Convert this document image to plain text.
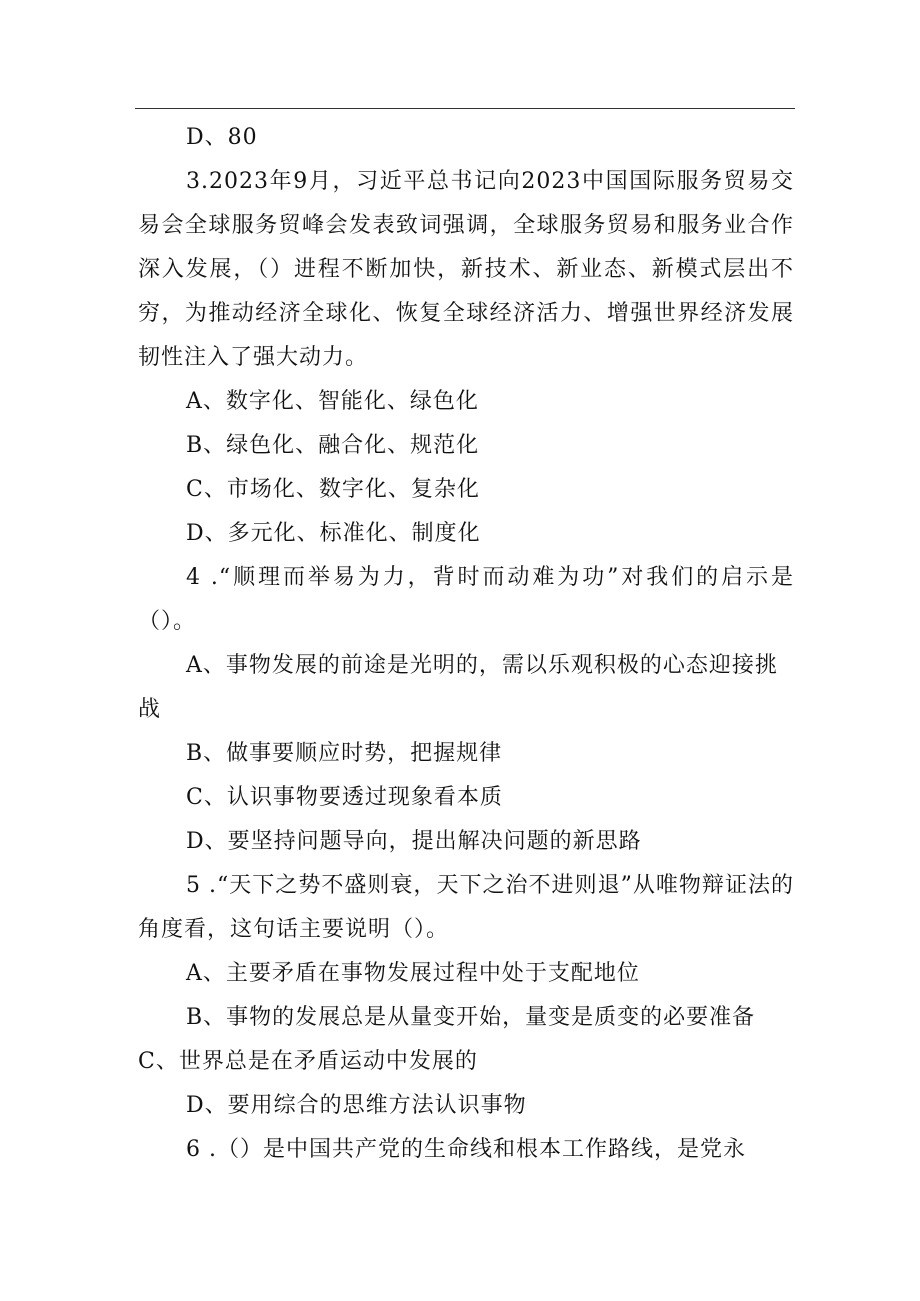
D、80

3.2023年9月，习近平总书记向2023中国国际服务贸易交易会全球服务贸峰会发表致词强调，全球服务贸易和服务业合作深入发展，（）进程不断加快，新技术、新业态、新模式层出不穷，为推动经济全球化、恢复全球经济活力、增强世界经济发展韧性注入了强大动力。

A、数字化、智能化、绿色化

B、绿色化、融合化、规范化

C、市场化、数字化、复杂化

D、多元化、标准化、制度化

4 .“顺理而举易为力，背时而动难为功”对我们的启示是（）。

A、事物发展的前途是光明的，需以乐观积极的心态迎接挑战

B、做事要顺应时势，把握规律

C、认识事物要透过现象看本质

D、要坚持问题导向，提出解决问题的新思路

5 .“天下之势不盛则衰，天下之治不进则退”从唯物辩证法的角度看，这句话主要说明（）。

A、主要矛盾在事物发展过程中处于支配地位

B、事物的发展总是从量变开始，量变是质变的必要准备C、世界总是在矛盾运动中发展的

D、要用综合的思维方法认识事物

6 .（）是中国共产党的生命线和根本工作路线，是党永
